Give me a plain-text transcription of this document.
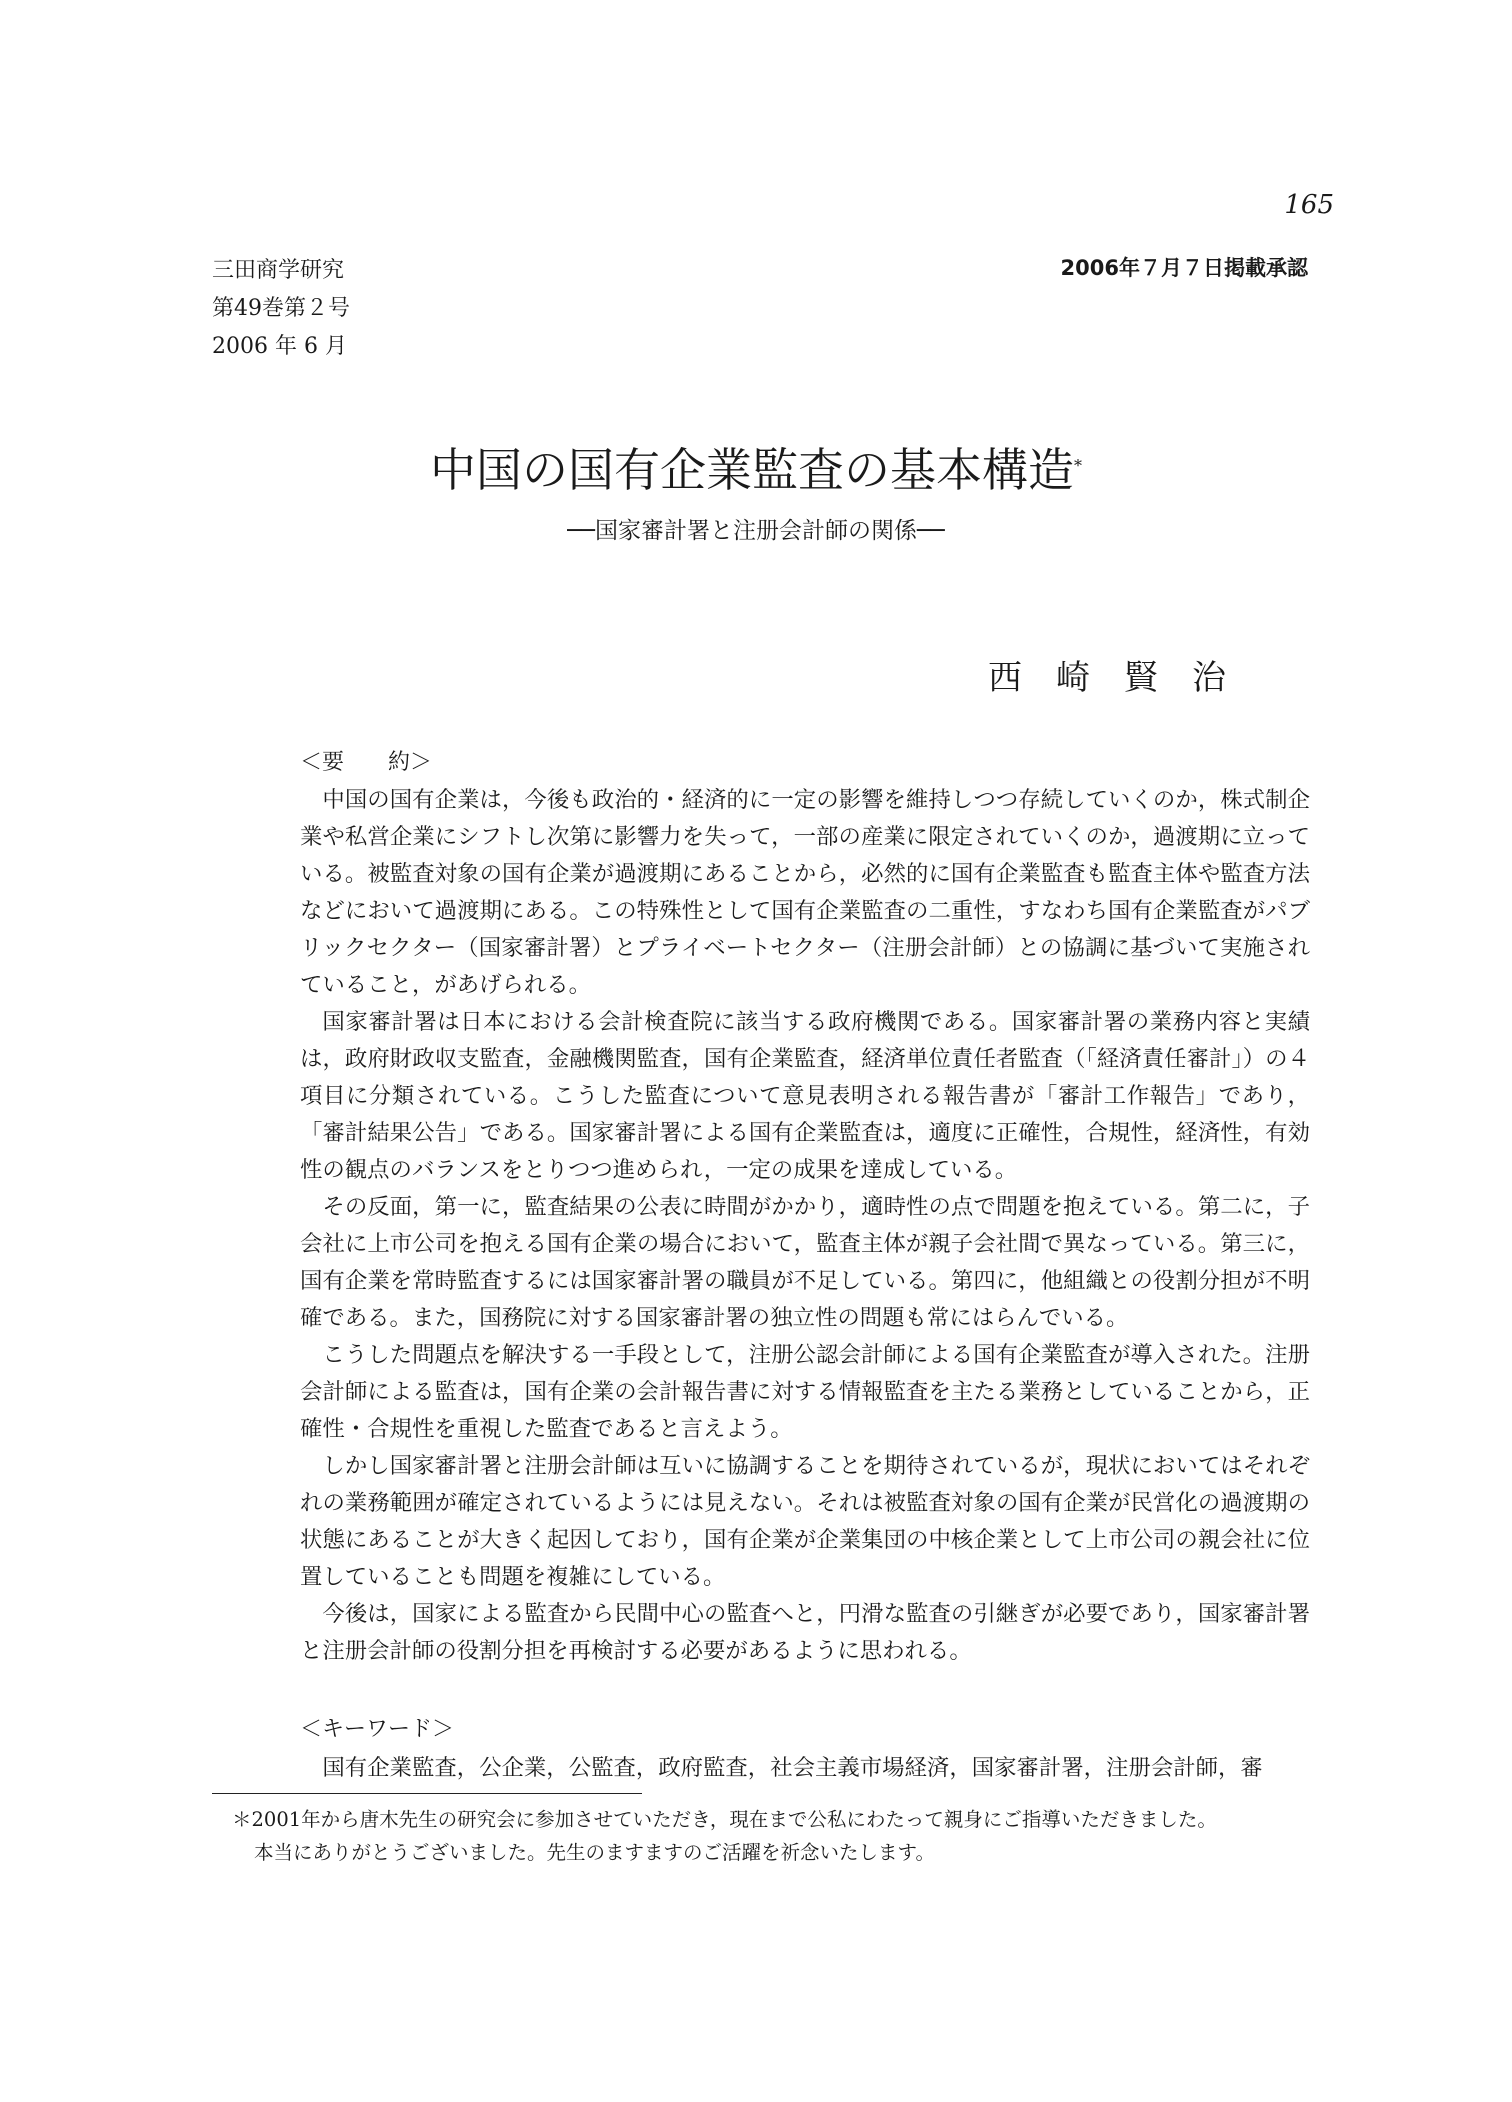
165
三田商学研究
第49巻第２号
2006 年 6 月
2006年７月７日掲載承認
中国の国有企業監査の基本構造*
──国家審計署と注册会計師の関係──
西崎賢治
＜要　　約＞

中国の国有企業は，今後も政治的・経済的に一定の影響を維持しつつ存続していくのか，株式制企業や私営企業にシフトし次第に影響力を失って，一部の産業に限定されていくのか，過渡期に立っている。被監査対象の国有企業が過渡期にあることから，必然的に国有企業監査も監査主体や監査方法などにおいて過渡期にある。この特殊性として国有企業監査の二重性，すなわち国有企業監査がパブリックセクター（国家審計署）とプライベートセクター（注册会計師）との協調に基づいて実施されていること，があげられる。

国家審計署は日本における会計検査院に該当する政府機関である。国家審計署の業務内容と実績は，政府財政収支監査，金融機関監査，国有企業監査，経済単位責任者監査（「経済責任審計」）の４項目に分類されている。こうした監査について意見表明される報告書が「審計工作報告」であり，「審計結果公告」である。国家審計署による国有企業監査は，適度に正確性，合規性，経済性，有効性の観点のバランスをとりつつ進められ，一定の成果を達成している。

その反面，第一に，監査結果の公表に時間がかかり，適時性の点で問題を抱えている。第二に，子会社に上市公司を抱える国有企業の場合において，監査主体が親子会社間で異なっている。第三に，国有企業を常時監査するには国家審計署の職員が不足している。第四に，他組織との役割分担が不明確である。また，国務院に対する国家審計署の独立性の問題も常にはらんでいる。

こうした問題点を解決する一手段として，注册公認会計師による国有企業監査が導入された。注册会計師による監査は，国有企業の会計報告書に対する情報監査を主たる業務としていることから，正確性・合規性を重視した監査であると言えよう。

しかし国家審計署と注册会計師は互いに協調することを期待されているが，現状においてはそれぞれの業務範囲が確定されているようには見えない。それは被監査対象の国有企業が民営化の過渡期の状態にあることが大きく起因しており，国有企業が企業集団の中核企業として上市公司の親会社に位置していることも問題を複雑にしている。

今後は，国家による監査から民間中心の監査へと，円滑な監査の引継ぎが必要であり，国家審計署と注册会計師の役割分担を再検討する必要があるように思われる。

＜キーワード＞
国有企業監査，公企業，公監査，政府監査，社会主義市場経済，国家審計署，注册会計師，審
＊2001年から唐木先生の研究会に参加させていただき，現在まで公私にわたって親身にご指導いただきました。
本当にありがとうございました。先生のますますのご活躍を祈念いたします。
